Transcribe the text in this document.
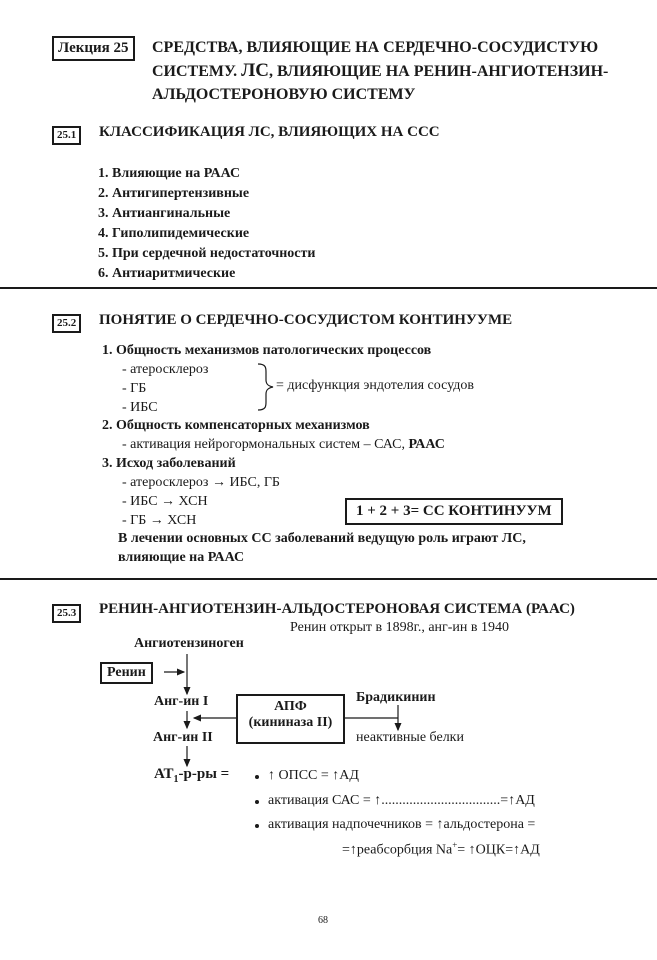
Лекция 25	СРЕДСТВА, ВЛИЯЮЩИЕ НА СЕРДЕЧНО-СОСУДИСТУЮ
СИСТЕМУ. ЛС, ВЛИЯЮЩИЕ НА РЕНИН-АНГИОТЕНЗИН-
АЛЬДОСТЕРОНОВУЮ СИСТЕМУ
25.1	КЛАССИФИКАЦИЯ ЛС, ВЛИЯЮЩИХ НА ССС
1. Влияющие на РААС
2. Антигипертензивные
3. Антиангинальные
4. Гиполипидемические
5. При сердечной недостаточности
6. Антиаритмические
25.2	ПОНЯТИЕ О СЕРДЕЧНО-СОСУДИСТОМ КОНТИНУУМЕ
1. Общность механизмов патологических процессов
- атеросклероз
- ГБ
- ИБС
= дисфункция эндотелия сосудов
2. Общность компенсаторных механизмов
- активация нейрогормональных систем – САС, РААС
3. Исход заболеваний
- атеросклероз → ИБС, ГБ
- ИБС → ХСН
- ГБ → ХСН
1 + 2 + 3= СС КОНТИНУУМ
В лечении основных СС заболеваний ведущую роль играют ЛС,
влияющие на РААС
25.3	РЕНИН-АНГИОТЕНЗИН-АЛЬДОСТЕРОНОВАЯ СИСТЕМА (РААС)
Ренин открыт в 1898г., анг-ин в 1940
Ангиотензиноген
Ренин
Анг-ин I
Анг-ин II
АПФ
(кининаза II)
Брадикинин
неактивные белки
$АТ_1-р-ры$ =	↑ ОПСС = ↑АД
активация САС = ↑..................................=↑АД
активация надпочечников = ↑альдостерона =
=↑реабсорбция Na+= ↑ОЦК=↑АД
68
